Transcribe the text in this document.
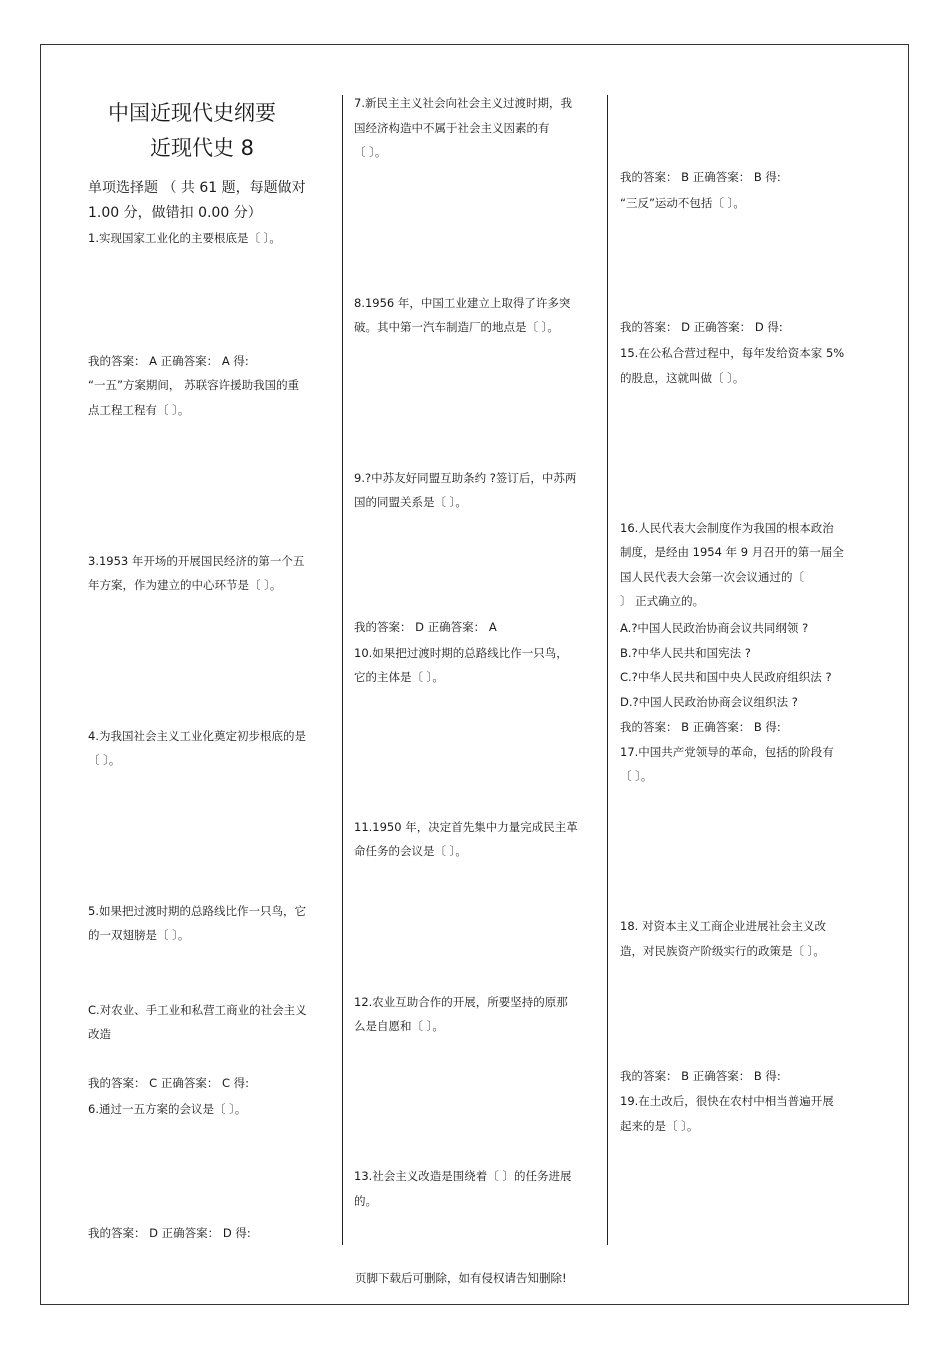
中国近现代史纲要
近现代史 8
单项选择题 （ 共 61 题，每题做对
1.00 分，做错扣 0.00 分）
1.实现国家工业化的主要根底是〔 〕。
我的答案： A 正确答案： A 得:
“一五”方案期间， 苏联容许援助我国的重
点工程工程有〔 〕。
3.1953 年开场的开展国民经济的第一个五
年方案，作为建立的中心环节是〔 〕。
4.为我国社会主义工业化奠定初步根底的是
〔 〕。
5.如果把过渡时期的总路线比作一只鸟，它
的一双翅膀是〔 〕。
C.对农业、手工业和私营工商业的社会主义
改造
我的答案： C 正确答案： C 得:
6.通过一五方案的会议是〔 〕。
我的答案： D 正确答案： D 得:
7.新民主主义社会向社会主义过渡时期，我
国经济构造中不属于社会主义因素的有
〔 〕。
8.1956 年，中国工业建立上取得了许多突
破。其中第一汽车制造厂的地点是〔 〕。
9.?中苏友好同盟互助条约 ?签订后，中苏两
国的同盟关系是〔 〕。
我的答案： D 正确答案： A
10.如果把过渡时期的总路线比作一只鸟，
它的主体是〔 〕。
11.1950 年，决定首先集中力量完成民主革
命任务的会议是〔 〕。
12.农业互助合作的开展，所要坚持的原那
么是自愿和〔 〕。
13.社会主义改造是围绕着〔 〕的任务进展
的。
我的答案： B 正确答案： B 得:
“三反”运动不包括〔 〕。
我的答案： D 正确答案： D 得:
15.在公私合营过程中，每年发给资本家 5%
的股息，这就叫做〔 〕。
16.人民代表大会制度作为我国的根本政治
制度，是经由 1954 年 9 月召开的第一届全
国人民代表大会第一次会议通过的〔
〕 正式确立的。
A.?中国人民政治协商会议共同纲领 ?
B.?中华人民共和国宪法 ?
C.?中华人民共和国中央人民政府组织法 ?
D.?中国人民政治协商会议组织法 ?
我的答案： B 正确答案： B 得:
17.中国共产党领导的革命，包括的阶段有
〔 〕。
18. 对资本主义工商企业进展社会主义改
造，对民族资产阶级实行的政策是〔 〕。
我的答案： B 正确答案： B 得:
19.在土改后，很快在农村中相当普遍开展
起来的是〔 〕。
页脚下载后可删除，如有侵权请告知删除!
